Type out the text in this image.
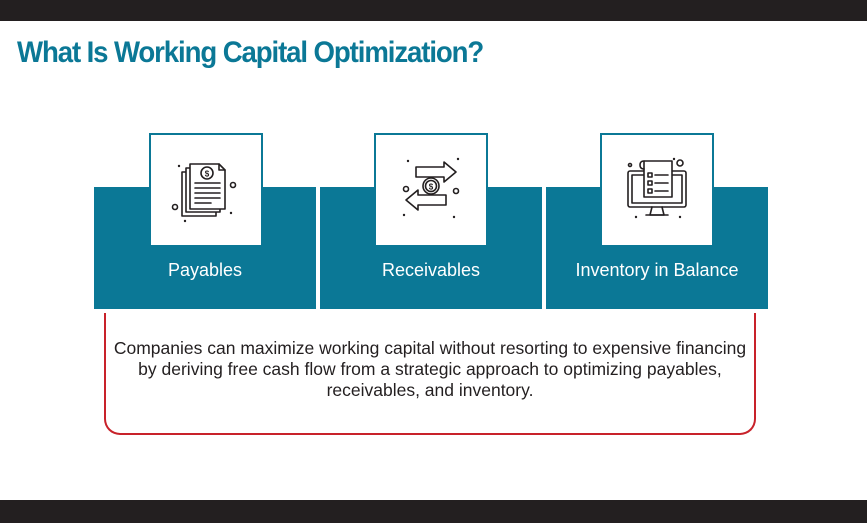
What Is Working Capital Optimization?
Payables
$
Receivables
$
Inventory in Balance

Companies can maximize working capital without resorting to expensive financing by deriving free cash flow from a strategic approach to optimizing payables, receivables, and inventory.
